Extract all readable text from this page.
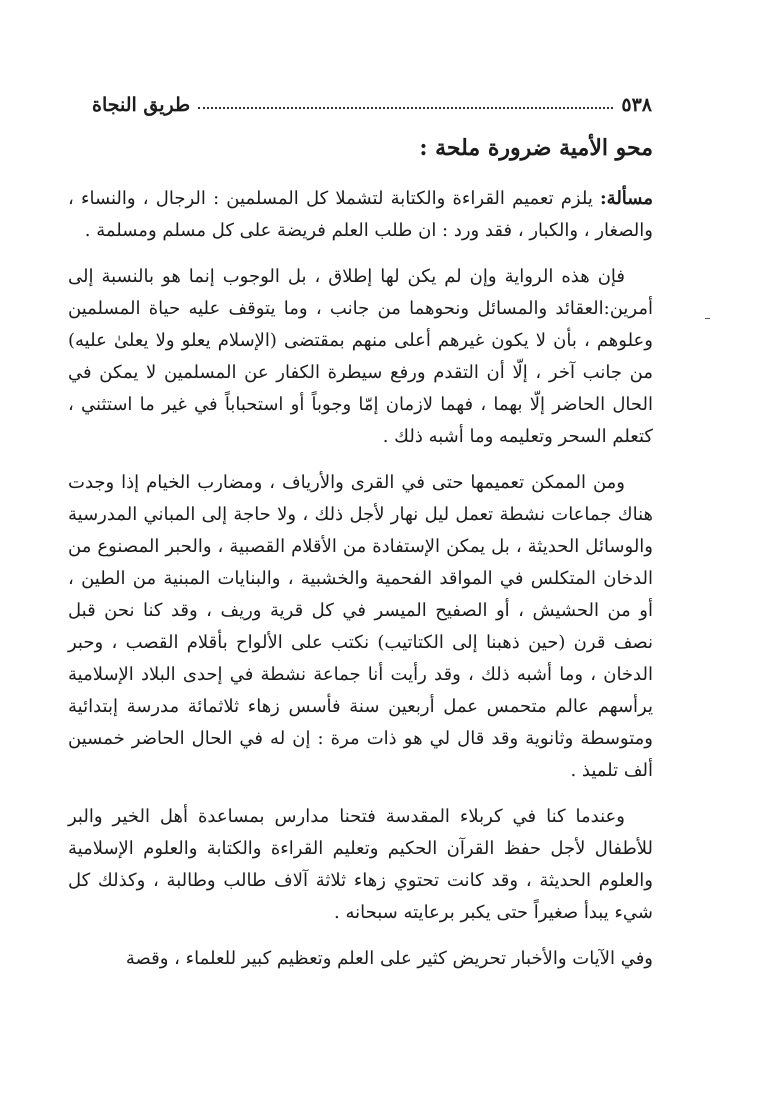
٥٣٨
طريق النجاة
محو الأمية ضرورة ملحة :

مسألة: يلزم تعميم القراءة والكتابة لتشملا كل المسلمين : الرجال ، والنساء ، والصغار ، والكبار ، فقد ورد : ان طلب العلم فريضة على كل مسلم ومسلمة .

فإن هذه الرواية وإن لم يكن لها إطلاق ، بل الوجوب إنما هو بالنسبة إلى أمرين:العقائد والمسائل ونحوهما من جانب ، وما يتوقف عليه حياة المسلمين وعلوهم ، بأن لا يكون غيرهم أعلى منهم بمقتضى (الإسلام يعلو ولا يعلىٰ عليه) من جانب آخر ، إلّا أن التقدم ورفع سيطرة الكفار عن المسلمين لا يمكن في الحال الحاضر إلّا بهما ، فهما لازمان إمّا وجوباً أو استحباباً في غير ما استثني ، كتعلم السحر وتعليمه وما أشبه ذلك .

ومن الممكن تعميمها حتى في القرى والأرياف ، ومضارب الخيام إذا وجدت هناك جماعات نشطة تعمل ليل نهار لأجل ذلك ، ولا حاجة إلى المباني المدرسية والوسائل الحديثة ، بل يمكن الإستفادة من الأقلام القصبية ، والحبر المصنوع من الدخان المتكلس في المواقد الفحمية والخشبية ، والبنايات المبنية من الطين ، أو من الحشيش ، أو الصفيح الميسر في كل قرية وريف ، وقد كنا نحن قبل نصف قرن (حين ذهبنا إلى الكتاتيب) نكتب على الألواح بأقلام القصب ، وحبر الدخان ، وما أشبه ذلك ، وقد رأيت أنا جماعة نشطة في إحدى البلاد الإسلامية يرأسهم عالم متحمس عمل أربعين سنة فأسس زهاء ثلاثمائة مدرسة إبتدائية ومتوسطة وثانوية وقد قال لي هو ذات مرة : إن له في الحال الحاضر خمسين ألف تلميذ .

وعندما كنا في كربلاء المقدسة فتحنا مدارس بمساعدة أهل الخير والبر للأطفال لأجل حفظ القرآن الحكيم وتعليم القراءة والكتابة والعلوم الإسلامية والعلوم الحديثة ، وقد كانت تحتوي زهاء ثلاثة آلاف طالب وطالبة ، وكذلك كل شيء يبدأ صغيراً حتى يكبر برعايته سبحانه .

وفي الآيات والأخبار تحريض كثير على العلم وتعظيم كبير للعلماء ، وقصة
